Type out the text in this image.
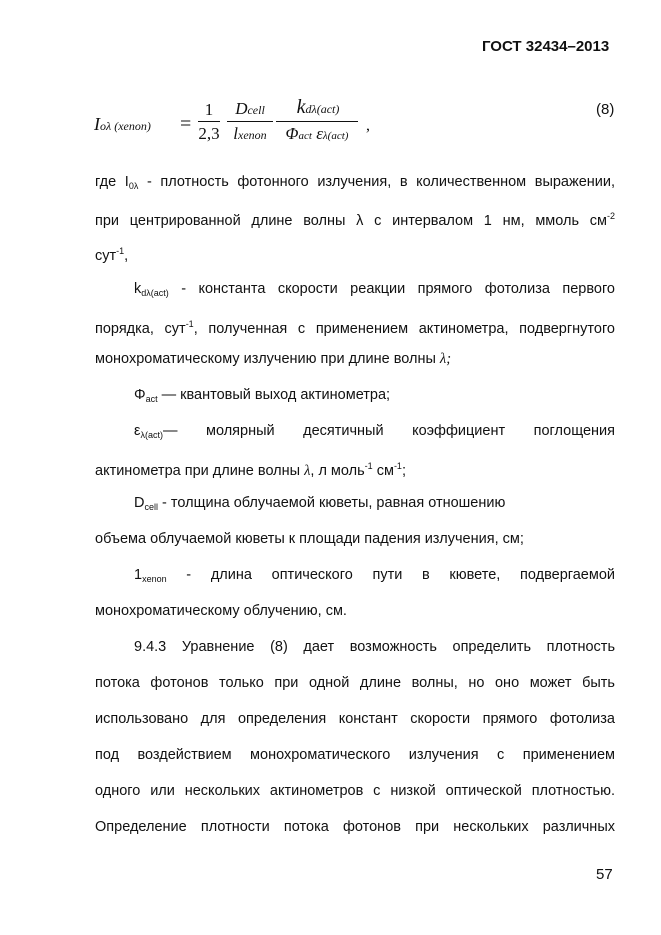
ГОСТ 32434–2013
Ioλ (xenon) =
1
2,3
Dcell
lxenon
kdλ(act)
Φact ελ(act)
,
(8)
где $I_{0\lambda}$ - плотность фотонного излучения, в количественном выражении,
при центрированной длине волны λ с интервалом 1 нм, ммоль $см^{-2}$
сут$^{-1}$,
$k_{d\lambda(act)}$ - константа скорости реакции прямого фотолиза первого
порядка, сут$^{-1}$, полученная с применением актинометра, подвергнутого
монохроматическому излучению при длине волны λ;
$\Phi_{act}$ — квантовый выход актинометра;
$\varepsilon_{\lambda(act)}—$ молярный десятичный коэффициент поглощения
актинометра при длине волны λ, л моль$^{-1}$ $см^{-1}$;
$D_{cell}$ - толщина облучаемой кюветы, равная отношению
объема облучаемой кюветы к площади падения излучения, см;
$1_{xenon}$ - длина оптического пути в кювете, подвергаемой
монохроматическому облучению, см.
9.4.3 Уравнение (8) дает возможность определить плотность
потока фотонов только при одной длине волны, но оно может быть
использовано для определения констант скорости прямого фотолиза
под воздействием монохроматического излучения с применением
одного или нескольких актинометров с низкой оптической плотностью.
Определение плотности потока фотонов при нескольких различных
57
